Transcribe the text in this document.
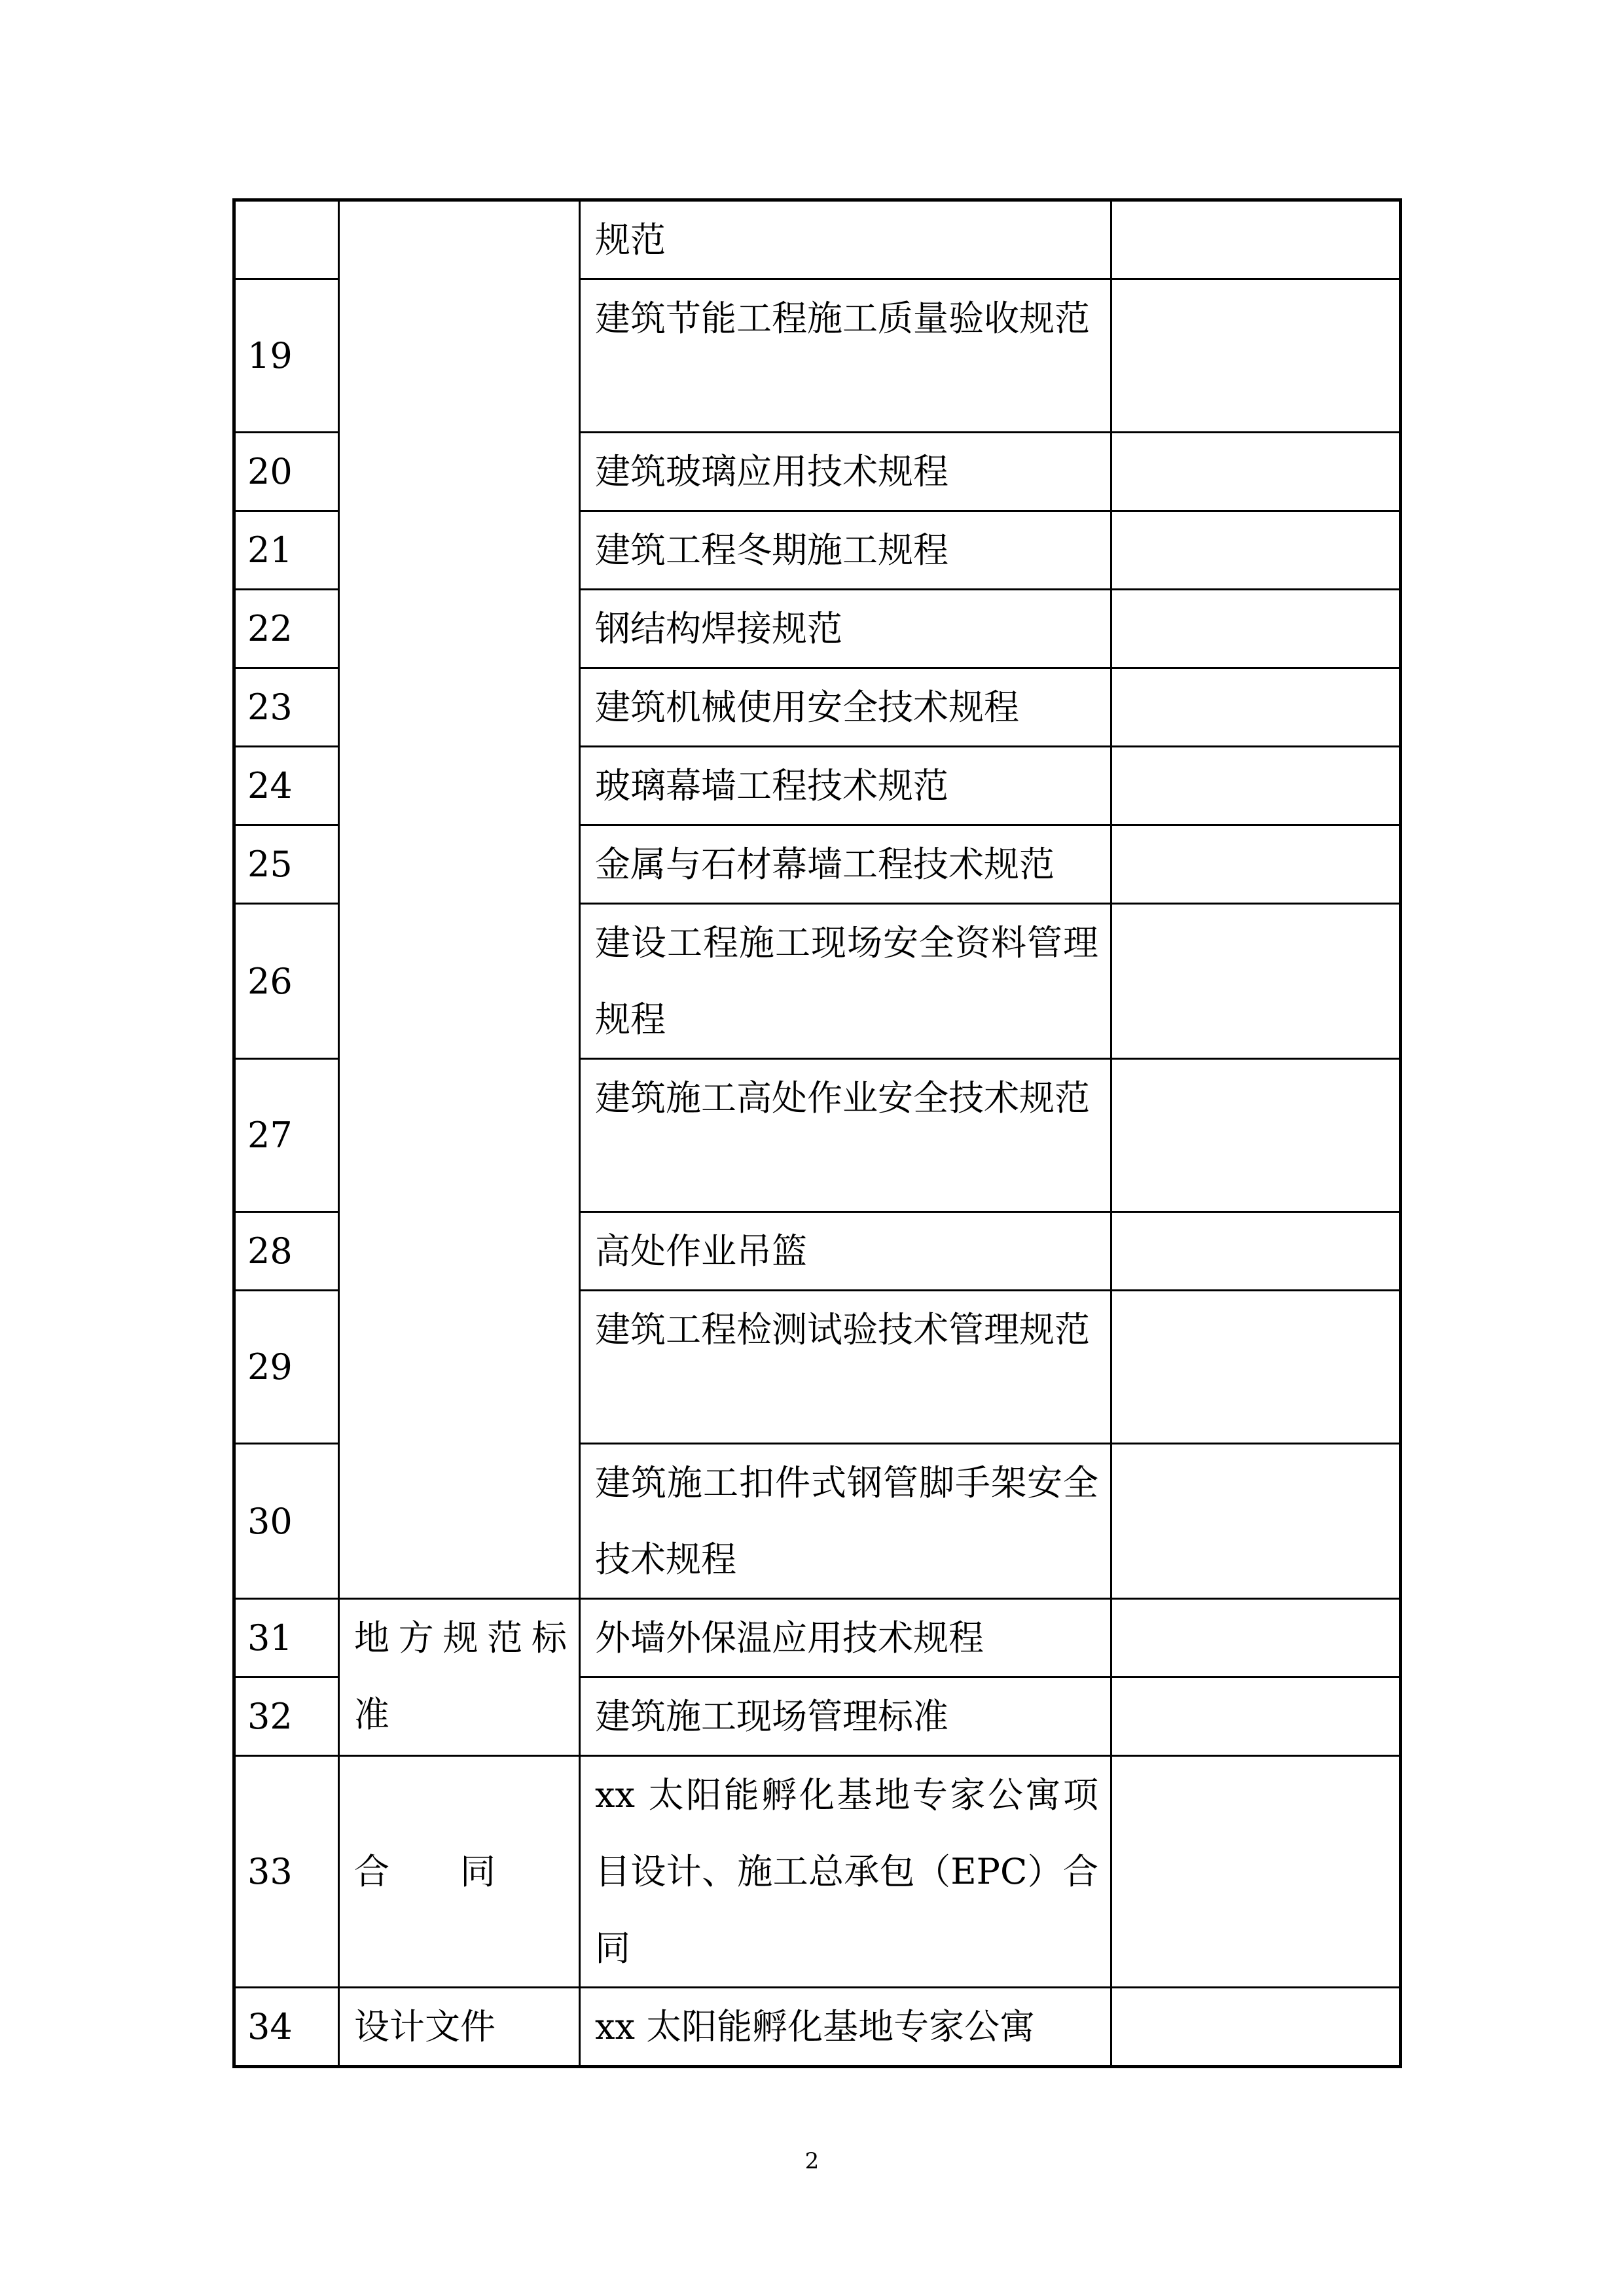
		规范	
19		建筑节能工程施工质量验收规范	
20		建筑玻璃应用技术规程	
21		建筑工程冬期施工规程	
22		钢结构焊接规范	
23		建筑机械使用安全技术规程	
24		玻璃幕墙工程技术规范	
25		金属与石材幕墙工程技术规范	
26		建设工程施工现场安全资料管理规程	
27		建筑施工高处作业安全技术规范	
28		高处作业吊篮	
29		建筑工程检测试验技术管理规范	
30		建筑施工扣件式钢管脚手架安全技术规程	
31	地方规范标准	外墙外保温应用技术规程	
32		建筑施工现场管理标准	
33	合　　同	xx 太阳能孵化基地专家公寓项目设计、施工总承包（EPC）合同	
34	设计文件	xx 太阳能孵化基地专家公寓	
2
